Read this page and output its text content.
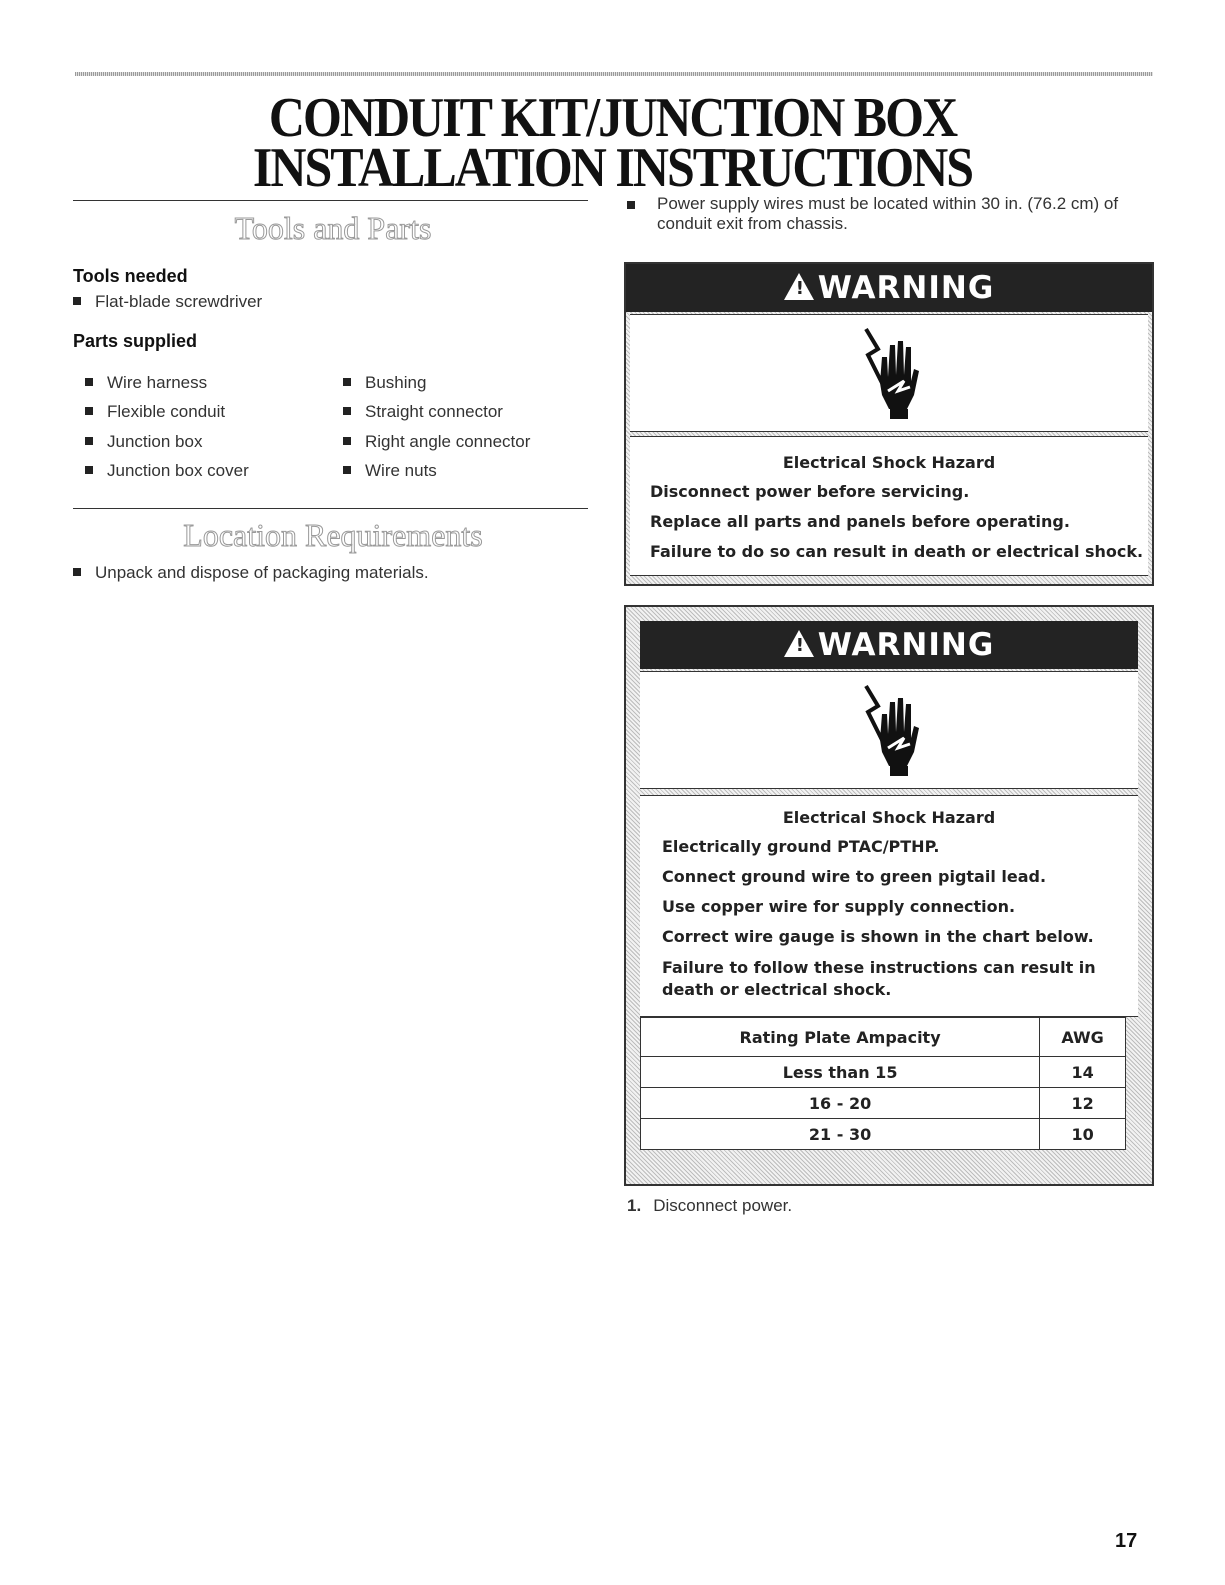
CONDUIT KIT/JUNCTION BOX
INSTALLATION INSTRUCTIONS
Tools and Parts
Tools needed
Flat-blade screwdriver
Parts supplied
Wire harness
Flexible conduit
Junction box
Junction box cover
Bushing
Straight connector
Right angle connector
Wire nuts
Location Requirements
Unpack and dispose of packaging materials.
Power supply wires must be located within 30 in. (76.2 cm) of conduit exit from chassis.
! WARNING
Electrical Shock Hazard
Disconnect power before servicing.
Replace all parts and panels before operating.
Failure to do so can result in death or electrical shock.
! WARNING
Electrical Shock Hazard
Electrically ground PTAC/PTHP.
Connect ground wire to green pigtail lead.
Use copper wire for supply connection.
Correct wire gauge is shown in the chart below.
Failure to follow these instructions can result in death or electrical shock.
Rating Plate Ampacity	AWG
Less than 15	14
16 - 20	12
21 - 30	10
1. Disconnect power.
17
